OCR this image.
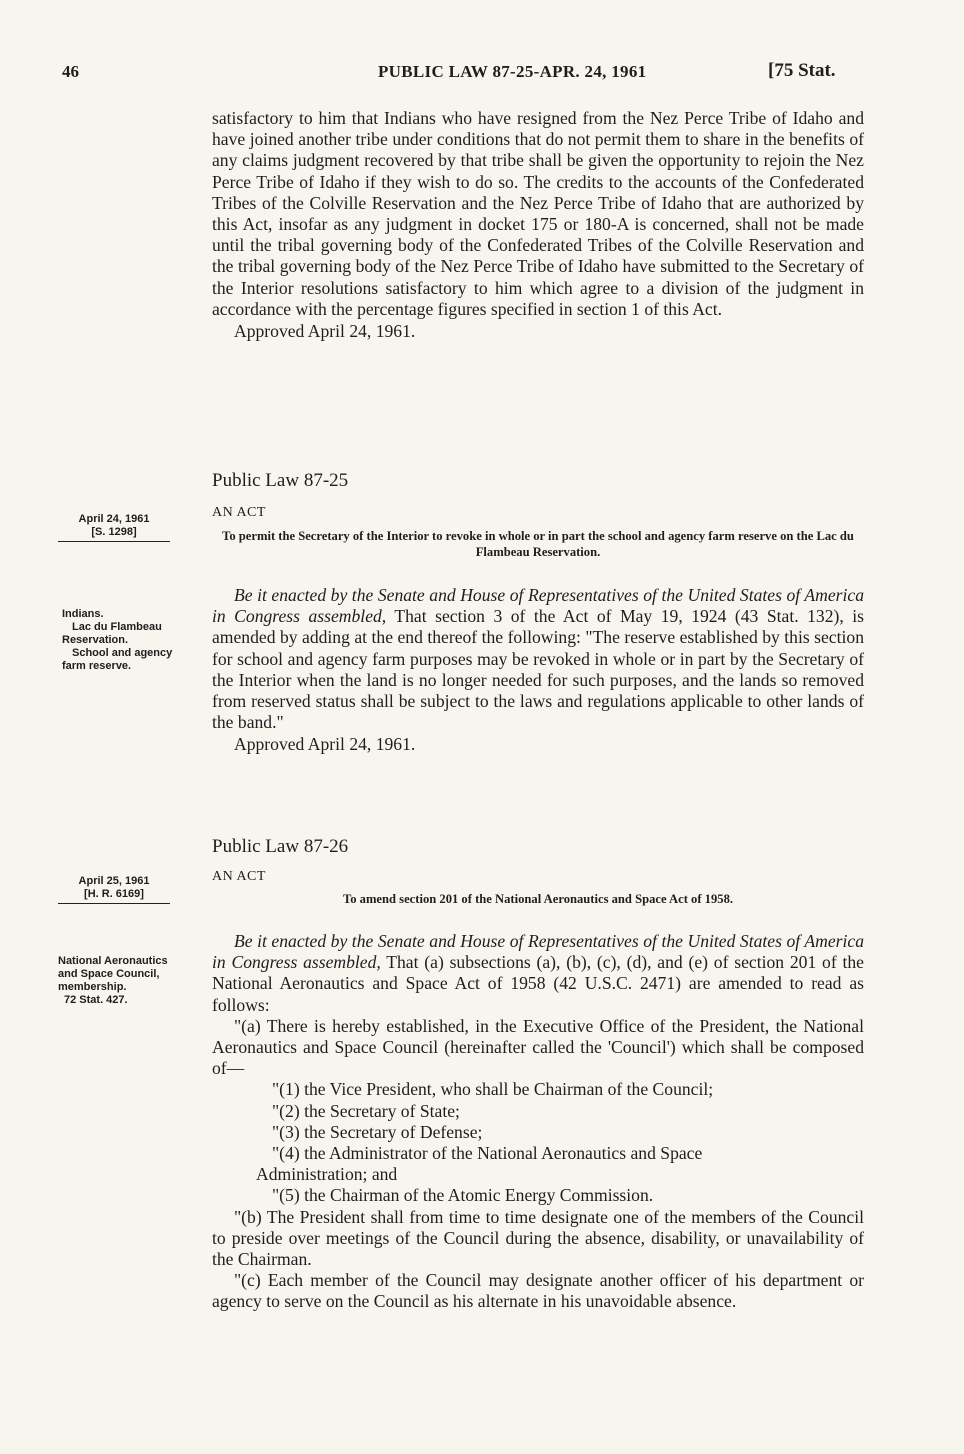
46	PUBLIC LAW 87-25-APR. 24, 1961	[75 Stat.

satisfactory to him that Indians who have resigned from the Nez Perce Tribe of Idaho and have joined another tribe under conditions that do not permit them to share in the benefits of any claims judgment recovered by that tribe shall be given the opportunity to rejoin the Nez Perce Tribe of Idaho if they wish to do so. The credits to the accounts of the Confederated Tribes of the Colville Reservation and the Nez Perce Tribe of Idaho that are authorized by this Act, insofar as any judgment in docket 175 or 180-A is concerned, shall not be made until the tribal governing body of the Confederated Tribes of the Colville Reservation and the tribal governing body of the Nez Perce Tribe of Idaho have submitted to the Secretary of the Interior resolutions satisfactory to him which agree to a division of the judgment in accordance with the percentage figures specified in section 1 of this Act.

Approved April 24, 1961.

Public Law 87-25

AN ACT

To permit the Secretary of the Interior to revoke in whole or in part the school and agency farm reserve on the Lac du Flambeau Reservation.

Be it enacted by the Senate and House of Representatives of the United States of America in Congress assembled, That section 3 of the Act of May 19, 1924 (43 Stat. 132), is amended by adding at the end thereof the following: "The reserve established by this section for school and agency farm purposes may be revoked in whole or in part by the Secretary of the Interior when the land is no longer needed for such purposes, and the lands so removed from reserved status shall be subject to the laws and regulations applicable to other lands of the band."

Approved April 24, 1961.

April 24, 1961
[S. 1298]
Indians.
Lac du Flambeau Reservation.
School and agency farm reserve.

Public Law 87-26

AN ACT

To amend section 201 of the National Aeronautics and Space Act of 1958.

Be it enacted by the Senate and House of Representatives of the United States of America in Congress assembled, That (a) subsections (a), (b), (c), (d), and (e) of section 201 of the National Aeronautics and Space Act of 1958 (42 U.S.C. 2471) are amended to read as follows:

"(a) There is hereby established, in the Executive Office of the President, the National Aeronautics and Space Council (hereinafter called the 'Council') which shall be composed of—

"(1) the Vice President, who shall be Chairman of the Council;

"(2) the Secretary of State;

"(3) the Secretary of Defense;

"(4) the Administrator of the National Aeronautics and Space

Administration; and

"(5) the Chairman of the Atomic Energy Commission.

"(b) The President shall from time to time designate one of the members of the Council to preside over meetings of the Council during the absence, disability, or unavailability of the Chairman.

"(c) Each member of the Council may designate another officer of his department or agency to serve on the Council as his alternate in his unavoidable absence.

April 25, 1961
[H. R. 6169]
National Aeronautics and Space Council, membership.
72 Stat. 427.
